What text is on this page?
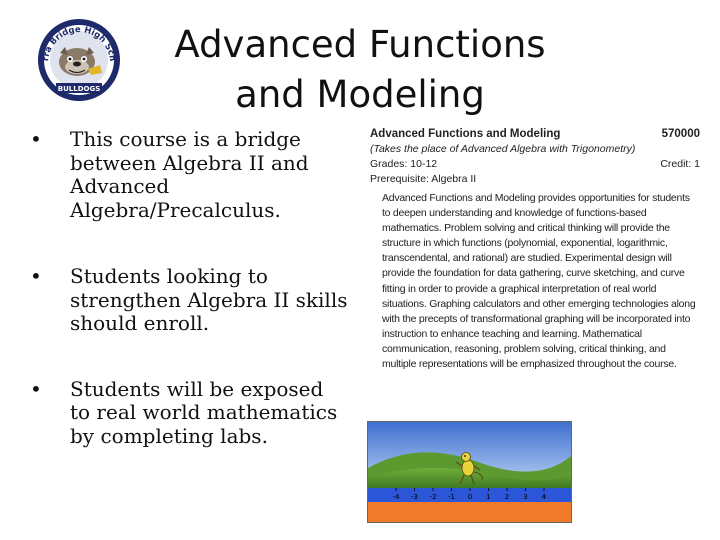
rra Bridge High Sch
BULLDOGS
Advanced Functions
and Modeling
• This course is a bridge between Algebra II and Advanced Algebra/Precalculus.
• Students looking to strengthen Algebra II skills should enroll.
• Students will be exposed to real world mathematics by completing labs.
Advanced Functions and Modeling	570000
(Takes the place of Advanced Algebra with Trigonometry)
Grades: 10-12	Credit: 1
Prerequisite: Algebra II
Advanced Functions and Modeling provides opportunities for students to deepen understanding and knowledge of functions-based mathematics. Problem solving and critical thinking will provide the structure in which functions (polynomial, exponential, logarithmic, transcendental, and rational) are studied. Experimental design will provide the foundation for data gathering, curve sketching, and curve fitting in order to provide a graphical interpretation of real world situations. Graphing calculators and other emerging technologies along with the precepts of transformational graphing will be incorporated into instruction to enhance teaching and learning. Mathematical communication, reasoning, problem solving, critical thinking, and multiple representations will be emphasized throughout the course.
-4 -3 -2 -1 0 1 2 3 4
